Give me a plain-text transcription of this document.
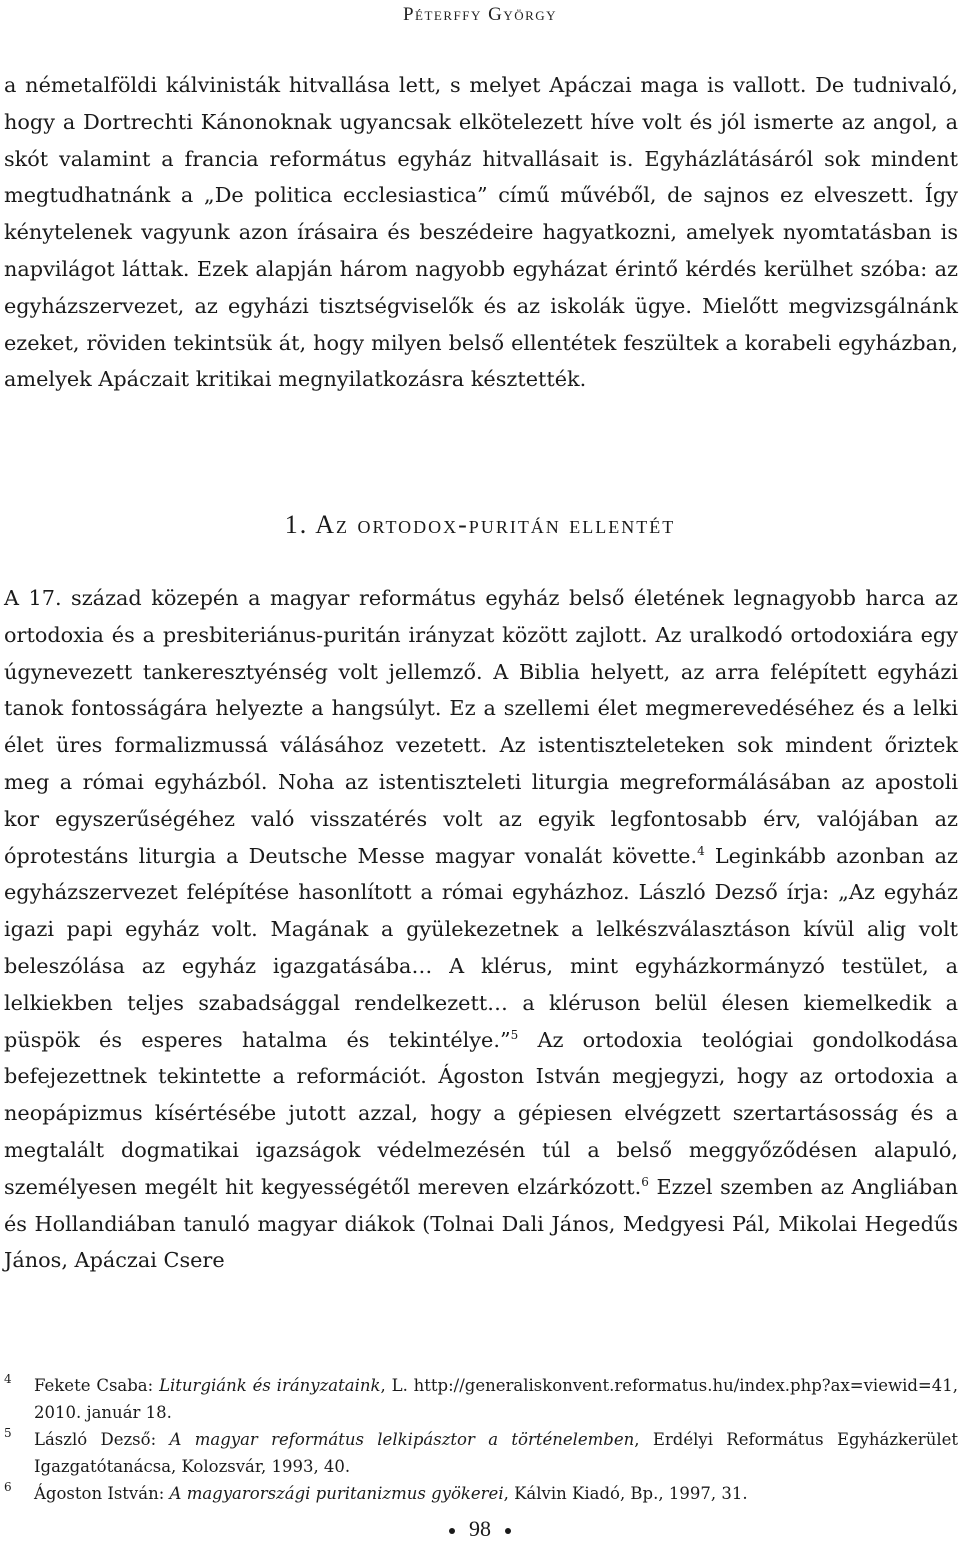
Péterffy György

a németalföldi kálvinisták hitvallása lett, s melyet Apáczai maga is vallott. De tudnivaló, hogy a Dortrechti Kánonoknak ugyancsak elkötelezett híve volt és jól ismerte az angol, a skót valamint a francia református egyház hitvallásait is. Egyházlátásáról sok mindent megtudhatnánk a „De politica ecclesiastica” című művéből, de sajnos ez elveszett. Így kénytelenek vagyunk azon írásaira és beszédeire hagyatkozni, amelyek nyomtatásban is napvilágot láttak. Ezek alapján három nagyobb egyházat érintő kérdés kerülhet szóba: az egyházszervezet, az egyházi tisztségviselők és az iskolák ügye. Mielőtt megvizsgálnánk ezeket, röviden tekintsük át, hogy milyen belső ellentétek feszültek a korabeli egyházban, amelyek Apáczait kritikai megnyilatkozásra késztették.

1. Az ortodox-puritán ellentét

A 17. század közepén a magyar református egyház belső életének legnagyobb harca az ortodoxia és a presbiteriánus-puritán irányzat között zajlott. Az uralkodó ortodoxiára egy úgynevezett tankeresztyénség volt jellemző. A Biblia helyett, az arra felépített egyházi tanok fontosságára helyezte a hangsúlyt. Ez a szellemi élet megmerevedéséhez és a lelki élet üres formalizmussá válásához vezetett. Az istentiszteleteken sok mindent őriztek meg a római egyházból. Noha az istentiszteleti liturgia megreformálásában az apostoli kor egyszerűségéhez való visszatérés volt az egyik legfontosabb érv, valójában az óprotestáns liturgia a Deutsche Messe magyar vonalát követte.$^4$ Leginkább azonban az egyházszervezet felépítése hasonlított a római egyházhoz. László Dezső írja: „Az egyház igazi papi egyház volt. Magának a gyülekezetnek a lelkészválasztáson kívül alig volt beleszólása az egyház igazgatásába… A klérus, mint egyházkormányzó testület, a lelkiekben teljes szabadsággal rendelkezett… a kléruson belül élesen kiemelkedik a püspök és esperes hatalma és tekintélye.”$^5$ Az ortodoxia teológiai gondolkodása befejezettnek tekintette a reformációt. Ágoston István megjegyzi, hogy az ortodoxia a neopápizmus kísértésébe jutott azzal, hogy a gépiesen elvégzett szertartásosság és a megtalált dogmatikai igazságok védelmezésén túl a belső meggyőződésen alapuló, személyesen megélt hit kegyességétől mereven elzárkózott.$^6$ Ezzel szemben az Angliában és Hollandiában tanuló magyar diákok (Tolnai Dali János, Medgyesi Pál, Mikolai Hegedűs János, Apáczai Csere

4 Fekete Csaba: Liturgiánk és irányzataink, L. http://generaliskonvent.reformatus.hu/index.php?ax=viewid=41, 2010. január 18.
5 László Dezső: A magyar református lelkipásztor a történelemben, Erdélyi Református Egyházkerület Igazgatótanácsa, Kolozsvár, 1993, 40.
6 Ágoston István: A magyarországi puritanizmus gyökerei, Kálvin Kiadó, Bp., 1997, 31.
98
